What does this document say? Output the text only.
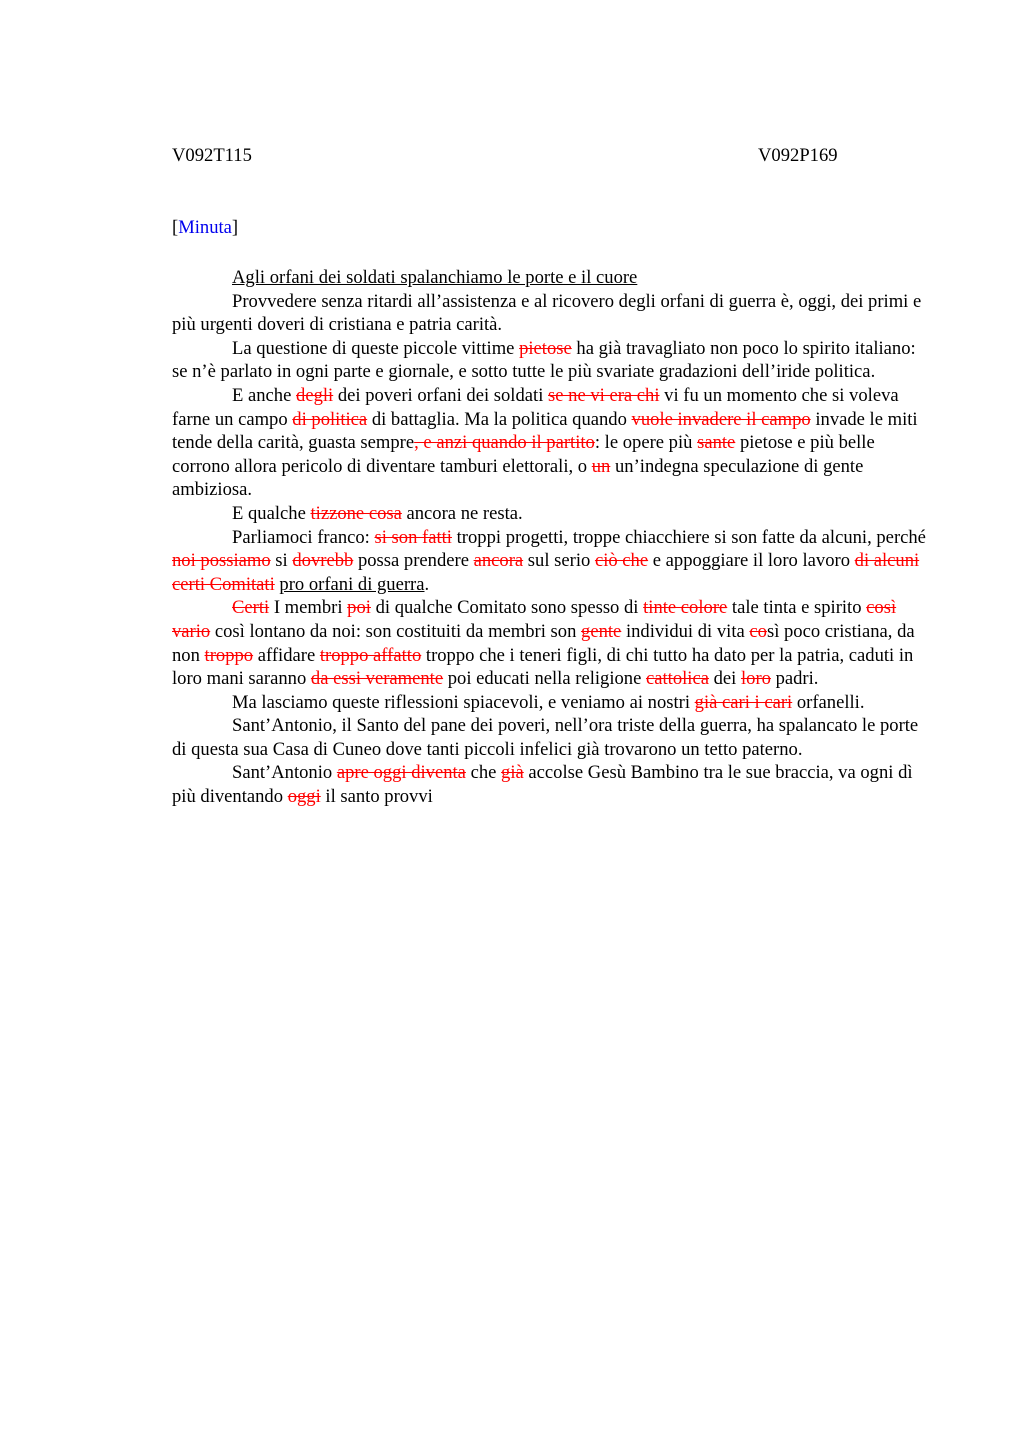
V092T115	V092P169
[Minuta]

Agli orfani dei soldati spalanchiamo le porte e il cuore

Provvedere senza ritardi all’assistenza e al ricovero degli orfani di guerra è, oggi, dei primi e più urgenti doveri di cristiana e patria carità.

La questione di queste piccole vittime pietose ha già travagliato non poco lo spirito italiano: se n’è parlato in ogni parte e giornale, e sotto tutte le più svariate gradazioni dell’iride politica.

E anche degli dei poveri orfani dei soldati se ne vi era chi vi fu un momento che si voleva farne un campo di politica di battaglia. Ma la politica quando vuole invadere il campo invade le miti tende della carità, guasta sempre, e anzi quando il partito: le opere più sante pietose e più belle corrono allora pericolo di diventare tamburi elettorali, o un un’indegna speculazione di gente ambiziosa.

E qualche tizzone cosa ancora ne resta.

Parliamoci franco: si son fatti troppi progetti, troppe chiacchiere si son fatte da alcuni, perché noi possiamo si dovrebb possa prendere ancora sul serio ciò che e appoggiare il loro lavoro di alcuni certi Comitati pro orfani di guerra.

Certi I membri poi di qualche Comitato sono spesso di tinte colore tale tinta e spirito così vario così lontano da noi: son costituiti da membri son gente individui di vita così poco cristiana, da non troppo affidare troppo affatto troppo che i teneri figli, di chi tutto ha dato per la patria, caduti in loro mani saranno da essi veramente poi educati nella religione cattolica dei loro padri.

Ma lasciamo queste riflessioni spiacevoli, e veniamo ai nostri già cari i cari orfanelli.

Sant’Antonio, il Santo del pane dei poveri, nell’ora triste della guerra, ha spalancato le porte di questa sua Casa di Cuneo dove tanti piccoli infelici già trovarono un tetto paterno.

Sant’Antonio apre oggi diventa che già accolse Gesù Bambino tra le sue braccia, va ogni dì più diventando oggi il santo provvi
